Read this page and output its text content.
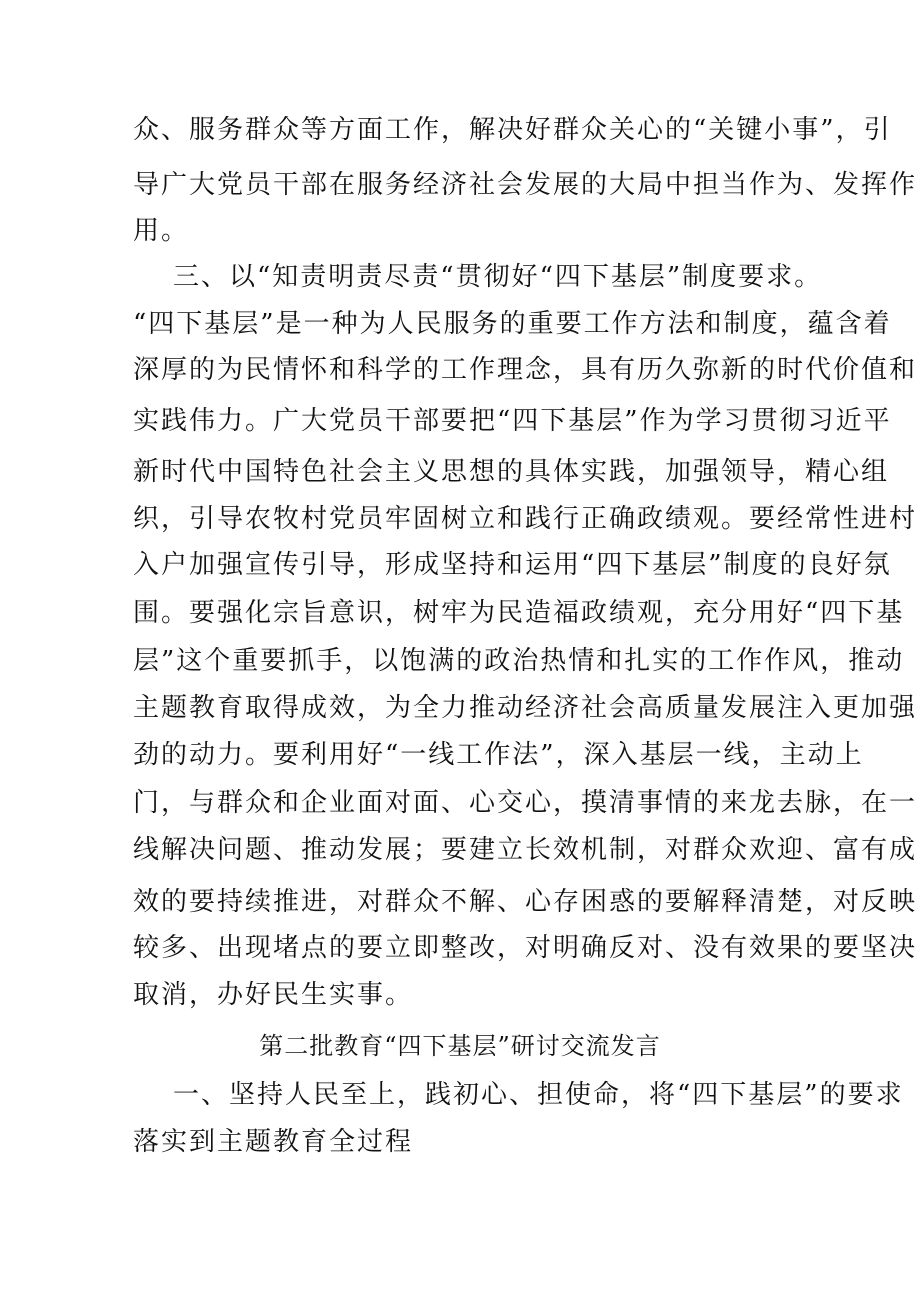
众、服务群众等方面工作，解决好群众关心的“关键小事”，引

导广大党员干部在服务经济社会发展的大局中担当作为、发挥作

用。

三、以“知责明责尽责“贯彻好“四下基层”制度要求。

“四下基层”是一种为人民服务的重要工作方法和制度，蕴含着

深厚的为民情怀和科学的工作理念，具有历久弥新的时代价值和

实践伟力。广大党员干部要把“四下基层”作为学习贯彻习近平

新时代中国特色社会主义思想的具体实践，加强领导，精心组

织，引导农牧村党员牢固树立和践行正确政绩观。要经常性进村

入户加强宣传引导，形成坚持和运用“四下基层”制度的良好氛

围。要强化宗旨意识，树牢为民造福政绩观，充分用好“四下基

层”这个重要抓手，以饱满的政治热情和扎实的工作作风，推动

主题教育取得成效，为全力推动经济社会高质量发展注入更加强

劲的动力。要利用好“一线工作法”，深入基层一线，主动上

门，与群众和企业面对面、心交心，摸清事情的来龙去脉，在一

线解决问题、推动发展；要建立长效机制，对群众欢迎、富有成

效的要持续推进，对群众不解、心存困惑的要解释清楚，对反映

较多、出现堵点的要立即整改，对明确反对、没有效果的要坚决

取消，办好民生实事。

第二批教育“四下基层”研讨交流发言

一、坚持人民至上，践初心、担使命，将“四下基层”的要求

落实到主题教育全过程
